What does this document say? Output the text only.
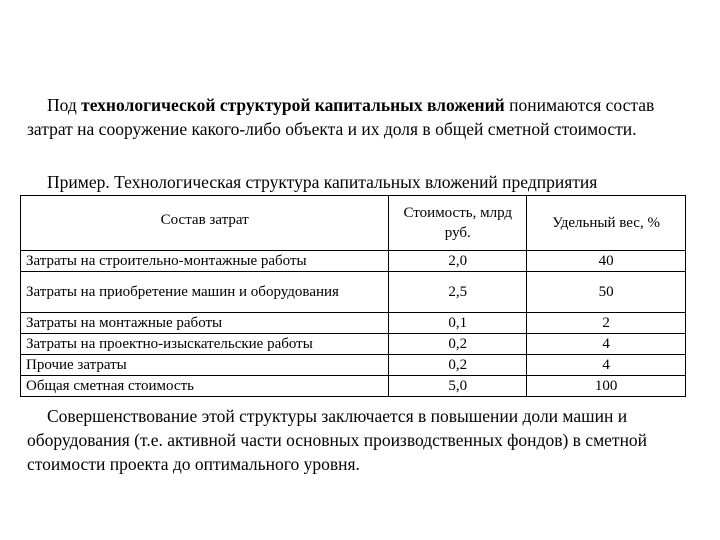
Под технологической структурой капитальных вложений понимаются состав затрат на сооружение какого-либо объекта и их доля в общей сметной стоимости.

Пример. Технологическая структура капитальных вложений предприятия

Состав затрат	Стоимость, млрд руб.	Удельный вес, %
Затраты на строительно-монтажные работы	2,0	40
Затраты на приобретение машин и оборудования	2,5	50
Затраты на монтажные работы	0,1	2
Затраты на проектно-изыскательские работы	0,2	4
Прочие затраты	0,2	4
Общая сметная стоимость	5,0	100

Совершенствование этой структуры заключается в повышении доли машин и оборудования (т.е. активной части основных производственных фондов) в сметной стоимости проекта до оптимального уровня.
